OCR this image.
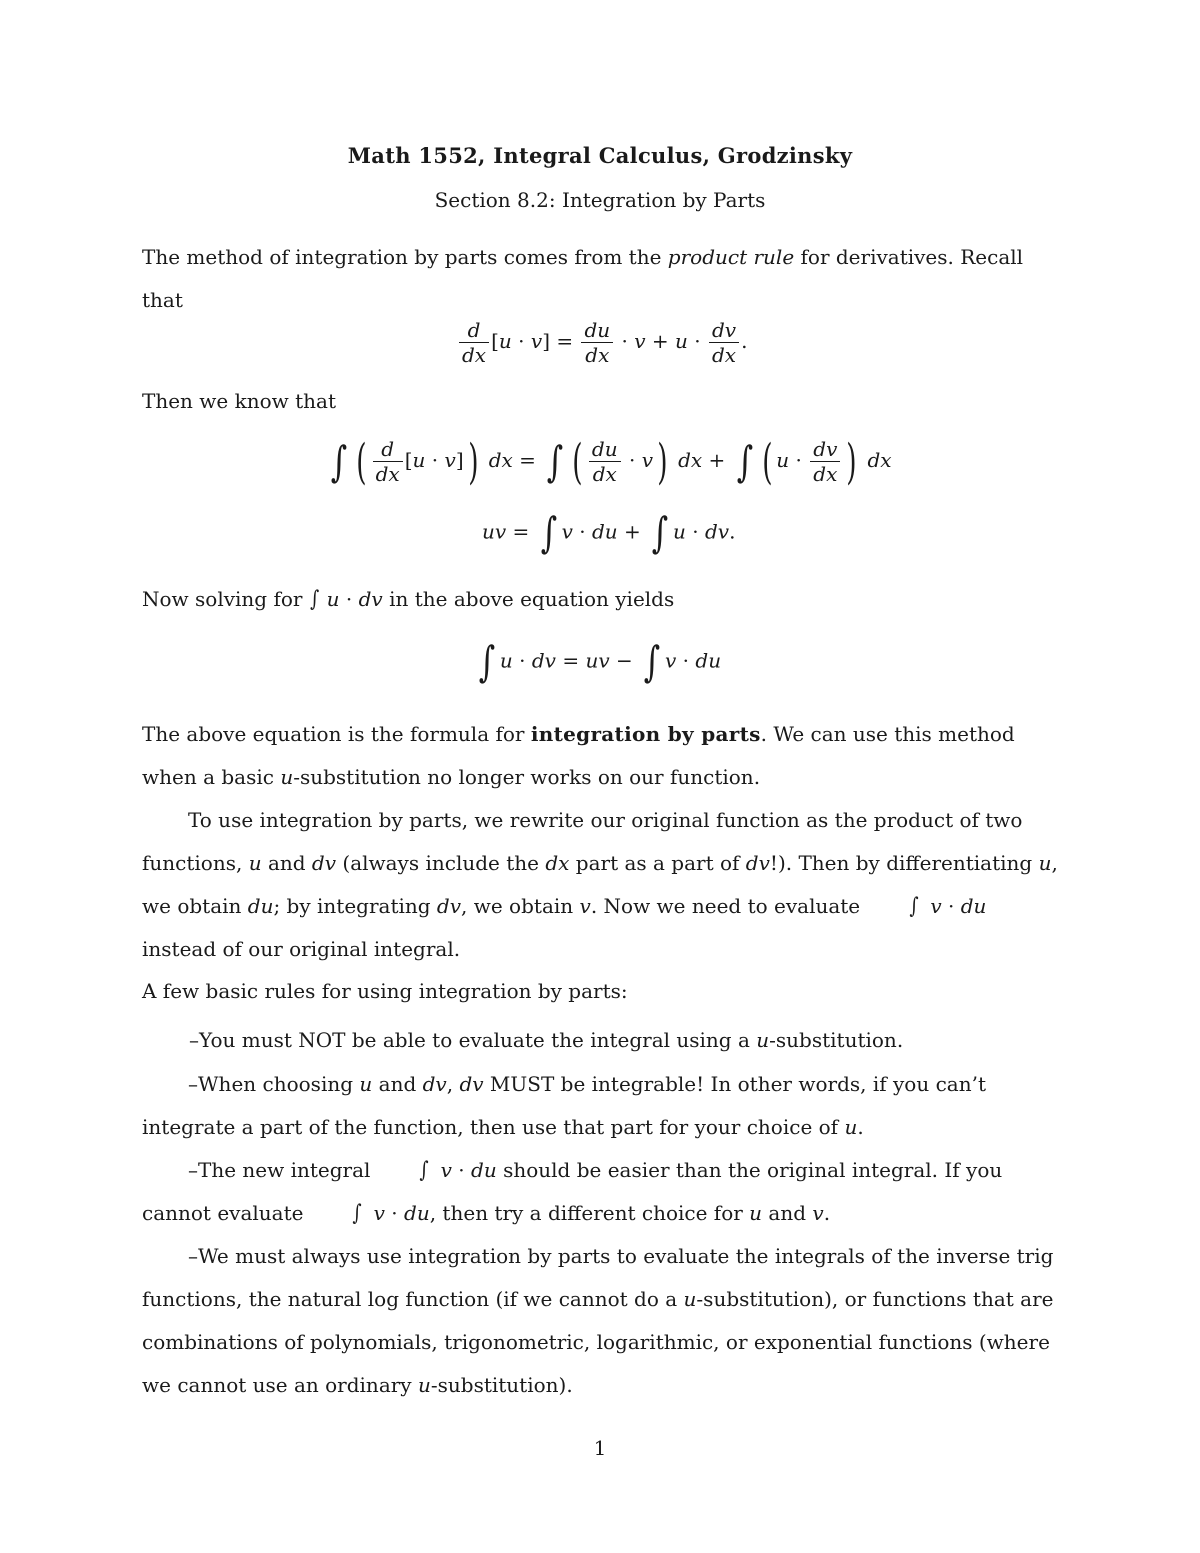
Math 1552, Integral Calculus, Grodzinsky
Section 8.2: Integration by Parts
The method of integration by parts comes from the product rule for derivatives. Recall that
$\frac{d}{dx} [u \cdot v] = \frac{du}{dx} \cdot v + u \cdot \frac{dv}{dx}$ .
Then we know that
∫ ( $\frac{d}{dx} [u \cdot v]$) dx = ∫ ( $\frac{du}{dx} \cdot v$) dx + ∫ ( $u \cdot \frac{dv}{dx}$ ) dx
uv = ∫ v · du + ∫ u · dv.
Now solving for ∫ u · dv in the above equation yields
∫ u · dv = uv − ∫ v · du
The above equation is the formula for integration by parts. We can use this method when a basic u-substitution no longer works on our function.
To use integration by parts, we rewrite our original function as the product of two functions, u and dv (always include the dx part as a part of dv!). Then by differentiating u, we obtain du; by integrating dv, we obtain v. Now we need to evaluate ∫ v · du instead of our original integral.
A few basic rules for using integration by parts:
–You must NOT be able to evaluate the integral using a u-substitution.
–When choosing u and dv, dv MUST be integrable! In other words, if you can’t integrate a part of the function, then use that part for your choice of u.
–The new integral ∫ v · du should be easier than the original integral. If you cannot evaluate ∫ v · du, then try a different choice for u and v.
–We must always use integration by parts to evaluate the integrals of the inverse trig functions, the natural log function (if we cannot do a u-substitution), or functions that are combinations of polynomials, trigonometric, logarithmic, or exponential functions (where we cannot use an ordinary u-substitution).
1
